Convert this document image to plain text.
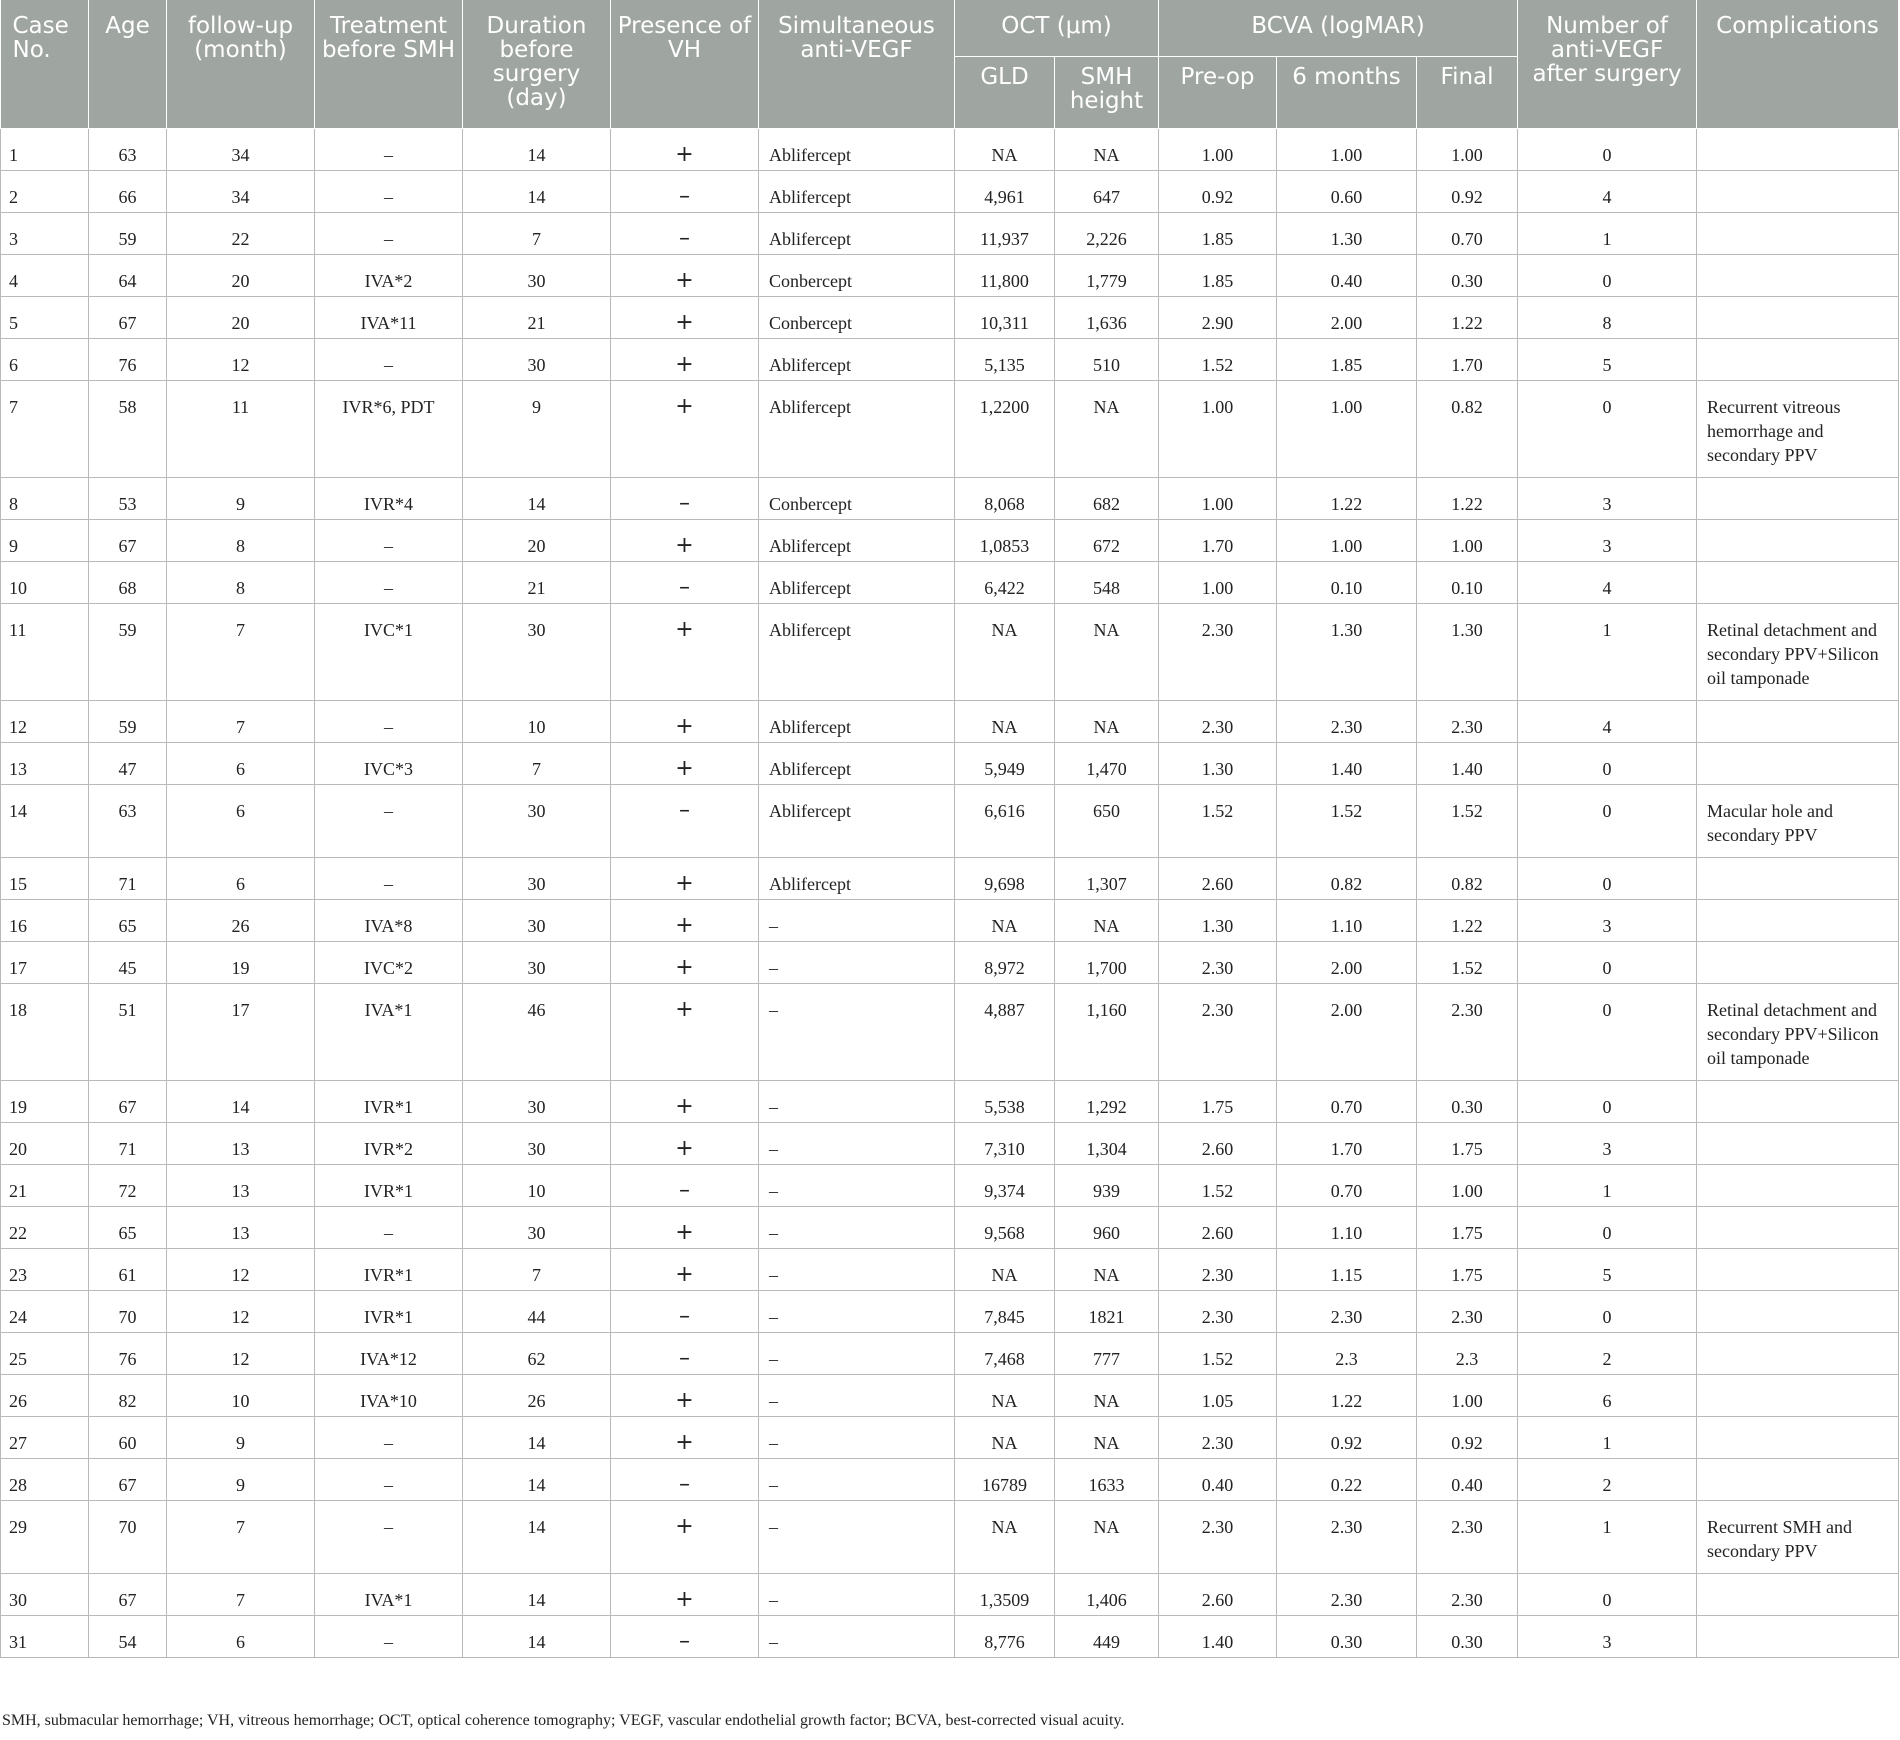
Case No.	Age	follow-up (month)	Treatment before SMH	Duration before surgery (day)	Presence of VH	Simultaneous anti-VEGF	OCT (μm)		BCVA (logMAR)			Number of anti-VEGF after surgery	Complications
							GLD	SMH height	Pre-op	6 months	Final		
1	63	34	–	14	+	Ablifercept	NA	NA	1.00	1.00	1.00	0	
2	66	34	–	14	–	Ablifercept	4,961	647	0.92	0.60	0.92	4	
3	59	22	–	7	–	Ablifercept	11,937	2,226	1.85	1.30	0.70	1	
4	64	20	IVA*2	30	+	Conbercept	11,800	1,779	1.85	0.40	0.30	0	
5	67	20	IVA*11	21	+	Conbercept	10,311	1,636	2.90	2.00	1.22	8	
6	76	12	–	30	+	Ablifercept	5,135	510	1.52	1.85	1.70	5	
7	58	11	IVR*6, PDT	9	+	Ablifercept	1,2200	NA	1.00	1.00	0.82	0	Recurrent vitreous hemorrhage and secondary PPV
8	53	9	IVR*4	14	–	Conbercept	8,068	682	1.00	1.22	1.22	3	
9	67	8	–	20	+	Ablifercept	1,0853	672	1.70	1.00	1.00	3	
10	68	8	–	21	–	Ablifercept	6,422	548	1.00	0.10	0.10	4	
11	59	7	IVC*1	30	+	Ablifercept	NA	NA	2.30	1.30	1.30	1	Retinal detachment and secondary PPV+Silicon oil tamponade
12	59	7	–	10	+	Ablifercept	NA	NA	2.30	2.30	2.30	4	
13	47	6	IVC*3	7	+	Ablifercept	5,949	1,470	1.30	1.40	1.40	0	
14	63	6	–	30	–	Ablifercept	6,616	650	1.52	1.52	1.52	0	Macular hole and secondary PPV
15	71	6	–	30	+	Ablifercept	9,698	1,307	2.60	0.82	0.82	0	
16	65	26	IVA*8	30	+	–	NA	NA	1.30	1.10	1.22	3	
17	45	19	IVC*2	30	+	–	8,972	1,700	2.30	2.00	1.52	0	
18	51	17	IVA*1	46	+	–	4,887	1,160	2.30	2.00	2.30	0	Retinal detachment and secondary PPV+Silicon oil tamponade
19	67	14	IVR*1	30	+	–	5,538	1,292	1.75	0.70	0.30	0	
20	71	13	IVR*2	30	+	–	7,310	1,304	2.60	1.70	1.75	3	
21	72	13	IVR*1	10	–	–	9,374	939	1.52	0.70	1.00	1	
22	65	13	–	30	+	–	9,568	960	2.60	1.10	1.75	0	
23	61	12	IVR*1	7	+	–	NA	NA	2.30	1.15	1.75	5	
24	70	12	IVR*1	44	–	–	7,845	1821	2.30	2.30	2.30	0	
25	76	12	IVA*12	62	–	–	7,468	777	1.52	2.3	2.3	2	
26	82	10	IVA*10	26	+	–	NA	NA	1.05	1.22	1.00	6	
27	60	9	–	14	+	–	NA	NA	2.30	0.92	0.92	1	
28	67	9	–	14	–	–	16789	1633	0.40	0.22	0.40	2	
29	70	7	–	14	+	–	NA	NA	2.30	2.30	2.30	1	Recurrent SMH and secondary PPV
30	67	7	IVA*1	14	+	–	1,3509	1,406	2.60	2.30	2.30	0	
31	54	6	–	14	–	–	8,776	449	1.40	0.30	0.30	3	
SMH, submacular hemorrhage; VH, vitreous hemorrhage; OCT, optical coherence tomography; VEGF, vascular endothelial growth factor; BCVA, best-corrected visual acuity.
